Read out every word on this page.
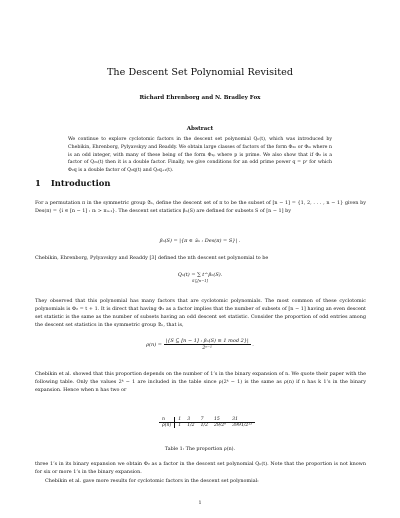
The Descent Set Polynomial Revisited
Richard Ehrenborg and N. Bradley Fox
Abstract
We continue to explore cyclotomic factors in the descent set polynomial Qₙ(t), which was introduced by Chebikin, Ehrenborg, Pylyavskyy and Readdy. We obtain large classes of factors of the form Φ₂ₙ or Φₘ where n is an odd integer, with many of these being of the form Φ₂ₚ where p is prime. We also show that if Φ₂ is a factor of Q₂ₙ(t) then it is a double factor. Finally, we give conditions for an odd prime power q = pʳ for which Φ₂q is a double factor of Q₂q(t) and Q₂q₊₁(t).
1 Introduction
For a permutation π in the symmetric group 𝔖ₙ, define the descent set of π to be the subset of [n − 1] = {1, 2, . . . , n − 1} given by Des(π) = {i ∈ [n − 1] : πᵢ > πᵢ₊₁}. The descent set statistics βₙ(S) are defined for subsets S of [n − 1] by
βₙ(S) = |{π ∈ 𝔖ₙ : Des(π) = S}| .
Chebikin, Ehrenborg, Pylyavskyy and Readdy [3] defined the nth descent set polynomial to be
Qₙ(t) = ∑ t^βₙ(S).
S⊆[n−1]
They observed that this polynomial has many factors that are cyclotomic polynomials. The most common of these cyclotomic polynomials is Φ₂ = t + 1. It is direct that having Φ₂ as a factor implies that the number of subsets of [n − 1] having an even descent set statistic is the same as the number of subsets having an odd descent set statistic. Consider the proportion of odd entries among the descent set statistics in the symmetric group 𝔖ₙ, that is,
$\rho(n) = \frac{\text{|\{S ⊆ [n − 1] : βₙ(S) ≡ 1 mod 2\}|}}{\text{2ⁿ⁻¹}}$ .
Chebikin et al. showed that this proportion depends on the number of 1’s in the binary expansion of n. We quote their paper with the following table. Only the values 2ᵏ − 1 are included in the table since ρ(2ᵏ − 1) is the same as ρ(n) if n has k 1’s in the binary expansion. Hence when n has two or
n	1	3	7	15	31
ρ(n)	1	1/2	1/2	29/2⁶	3991/2¹³
Table 1: The proportion ρ(n).
three 1’s in its binary expansion we obtain Φ₂ as a factor in the descent set polynomial Qₙ(t). Note that the proportion is not known for six or more 1’s in the binary expansion.
Chebikin et al. gave more results for cyclotomic factors in the descent set polynomial:
1
